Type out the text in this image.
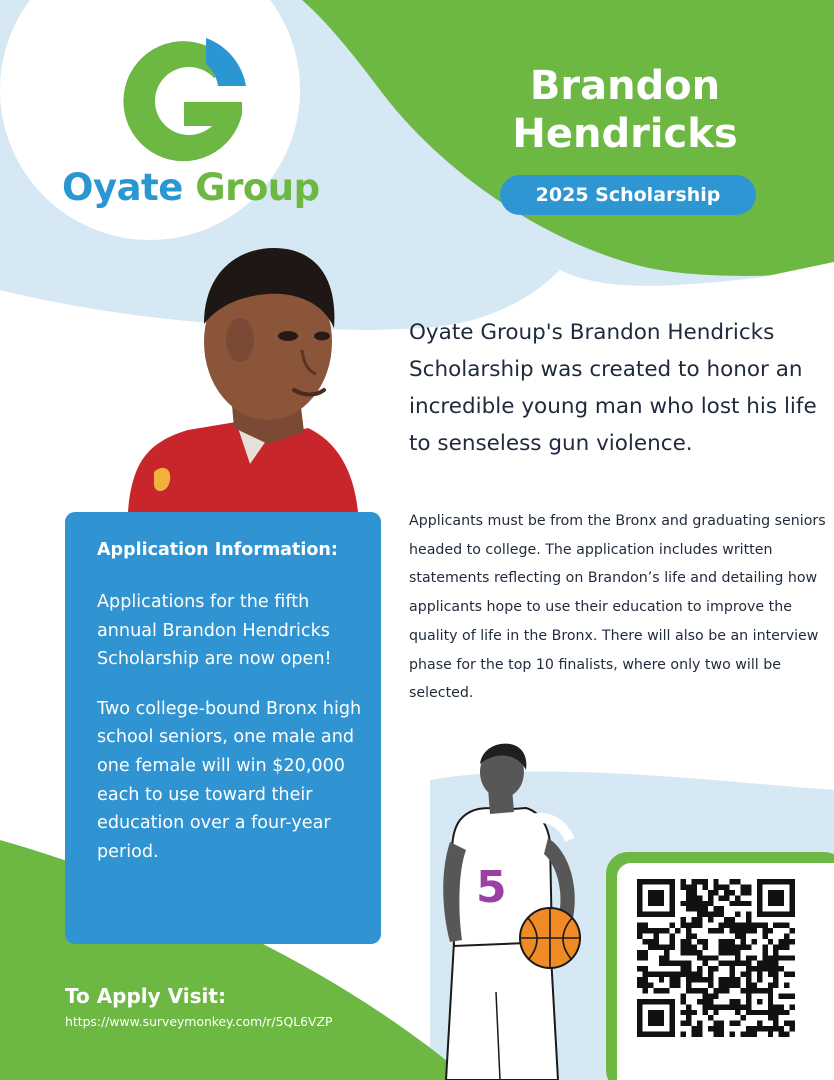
Oyate Group
Brandon
Hendricks
2025 Scholarship
Oyate Group's Brandon Hendricks Scholarship was created to honor an incredible young man who lost his life to senseless gun violence.
Applicants must be from the Bronx and graduating seniors headed to college. The application includes written statements reflecting on Brandon’s life and detailing how applicants hope to use their education to improve the quality of life in the Bronx. There will also be an interview phase for the top 10 finalists, where only two will be selected.
Application Information:
Applications for the fifth annual Brandon Hendricks Scholarship are now open!
Two college-bound Bronx high school seniors, one male and one female will win $20,000 each to use toward their education over a four-year period.
To Apply Visit:
https://www.surveymonkey.com/r/5QL6VZP
5
